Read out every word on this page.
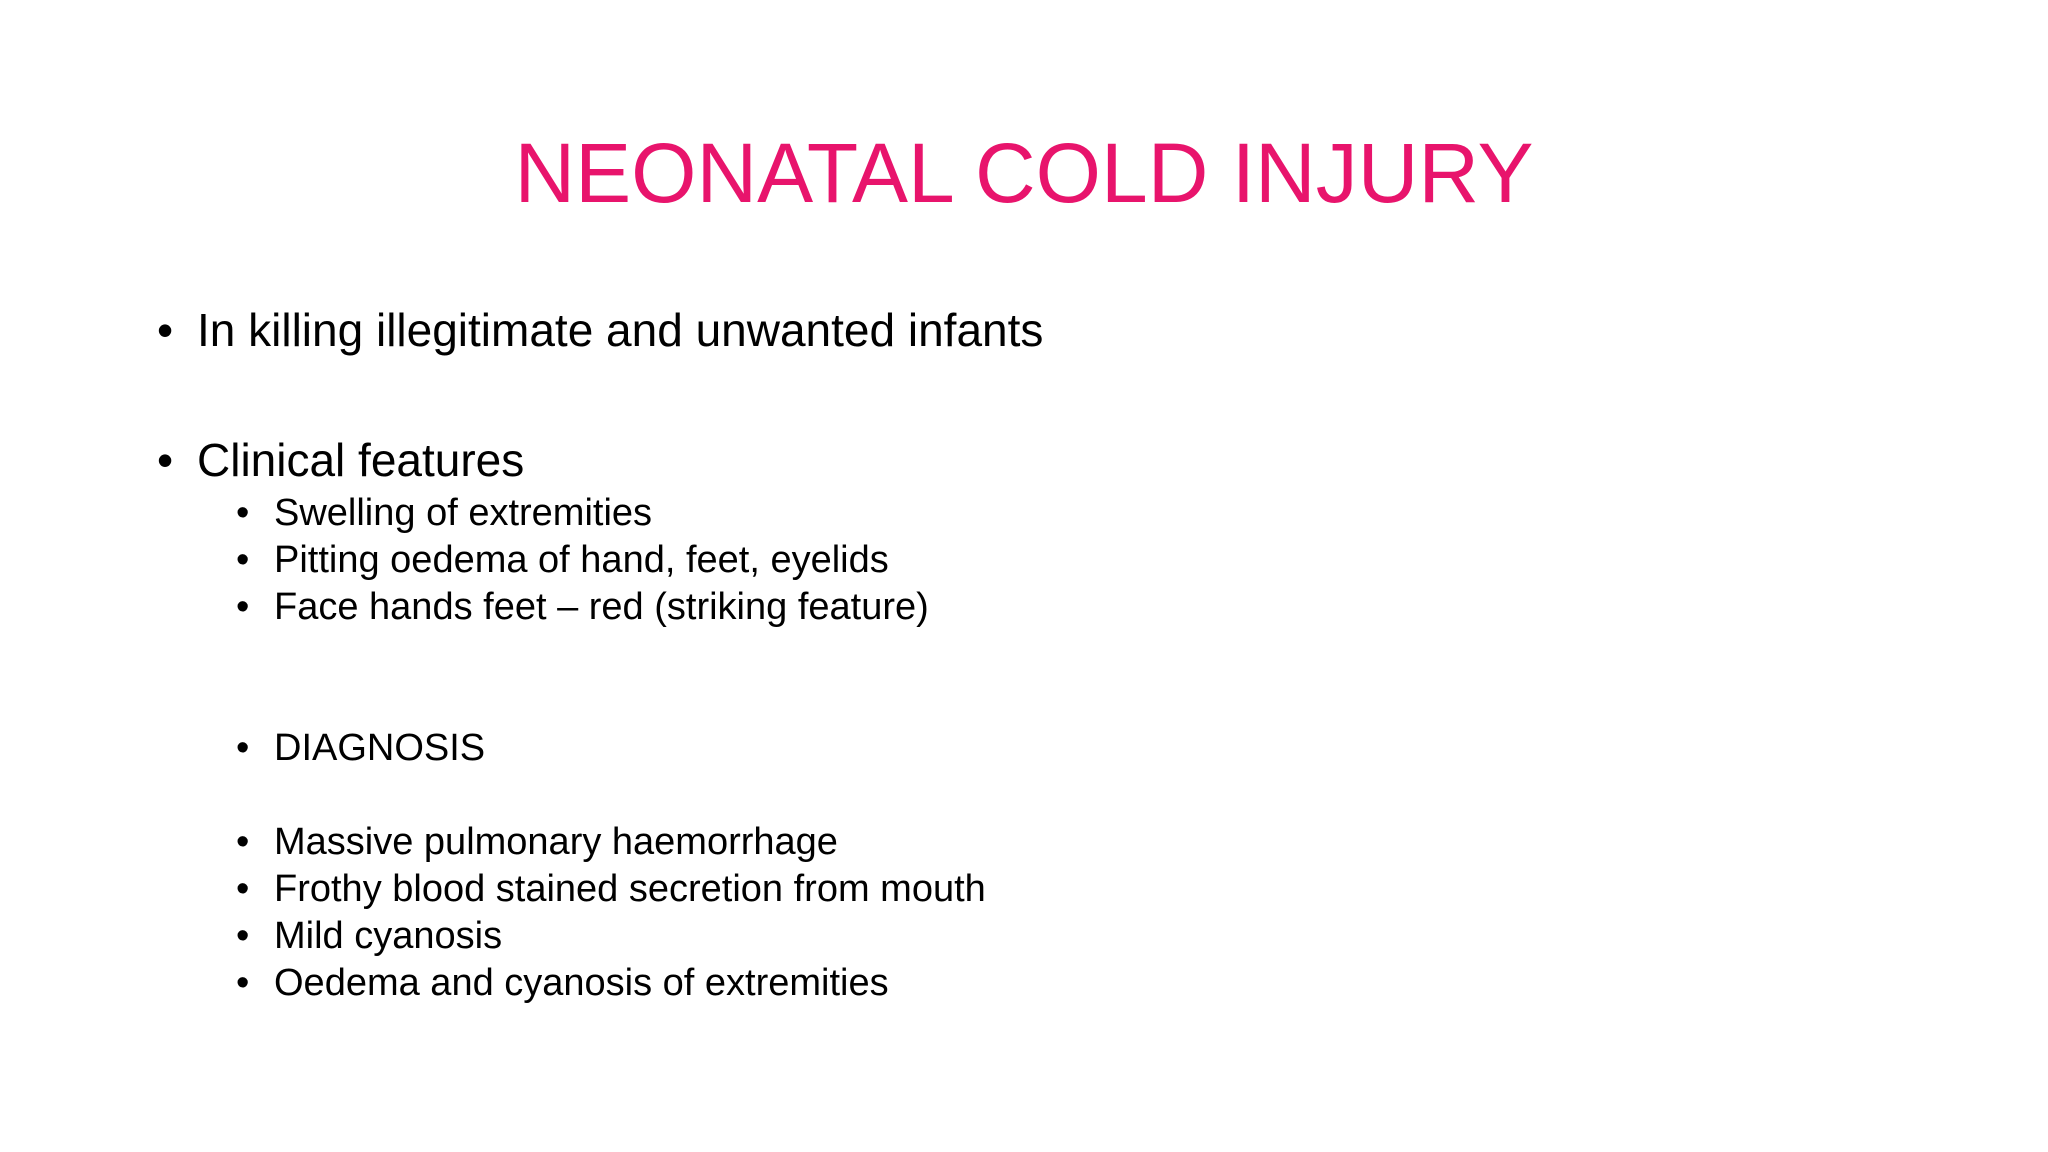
NEONATAL COLD INJURY
• In killing illegitimate and unwanted infants
• Clinical features
• Swelling of extremities
• Pitting oedema of hand, feet, eyelids
• Face hands feet – red (striking feature)
• DIAGNOSIS
• Massive pulmonary haemorrhage
• Frothy blood stained secretion from mouth
• Mild cyanosis
• Oedema and cyanosis of extremities
